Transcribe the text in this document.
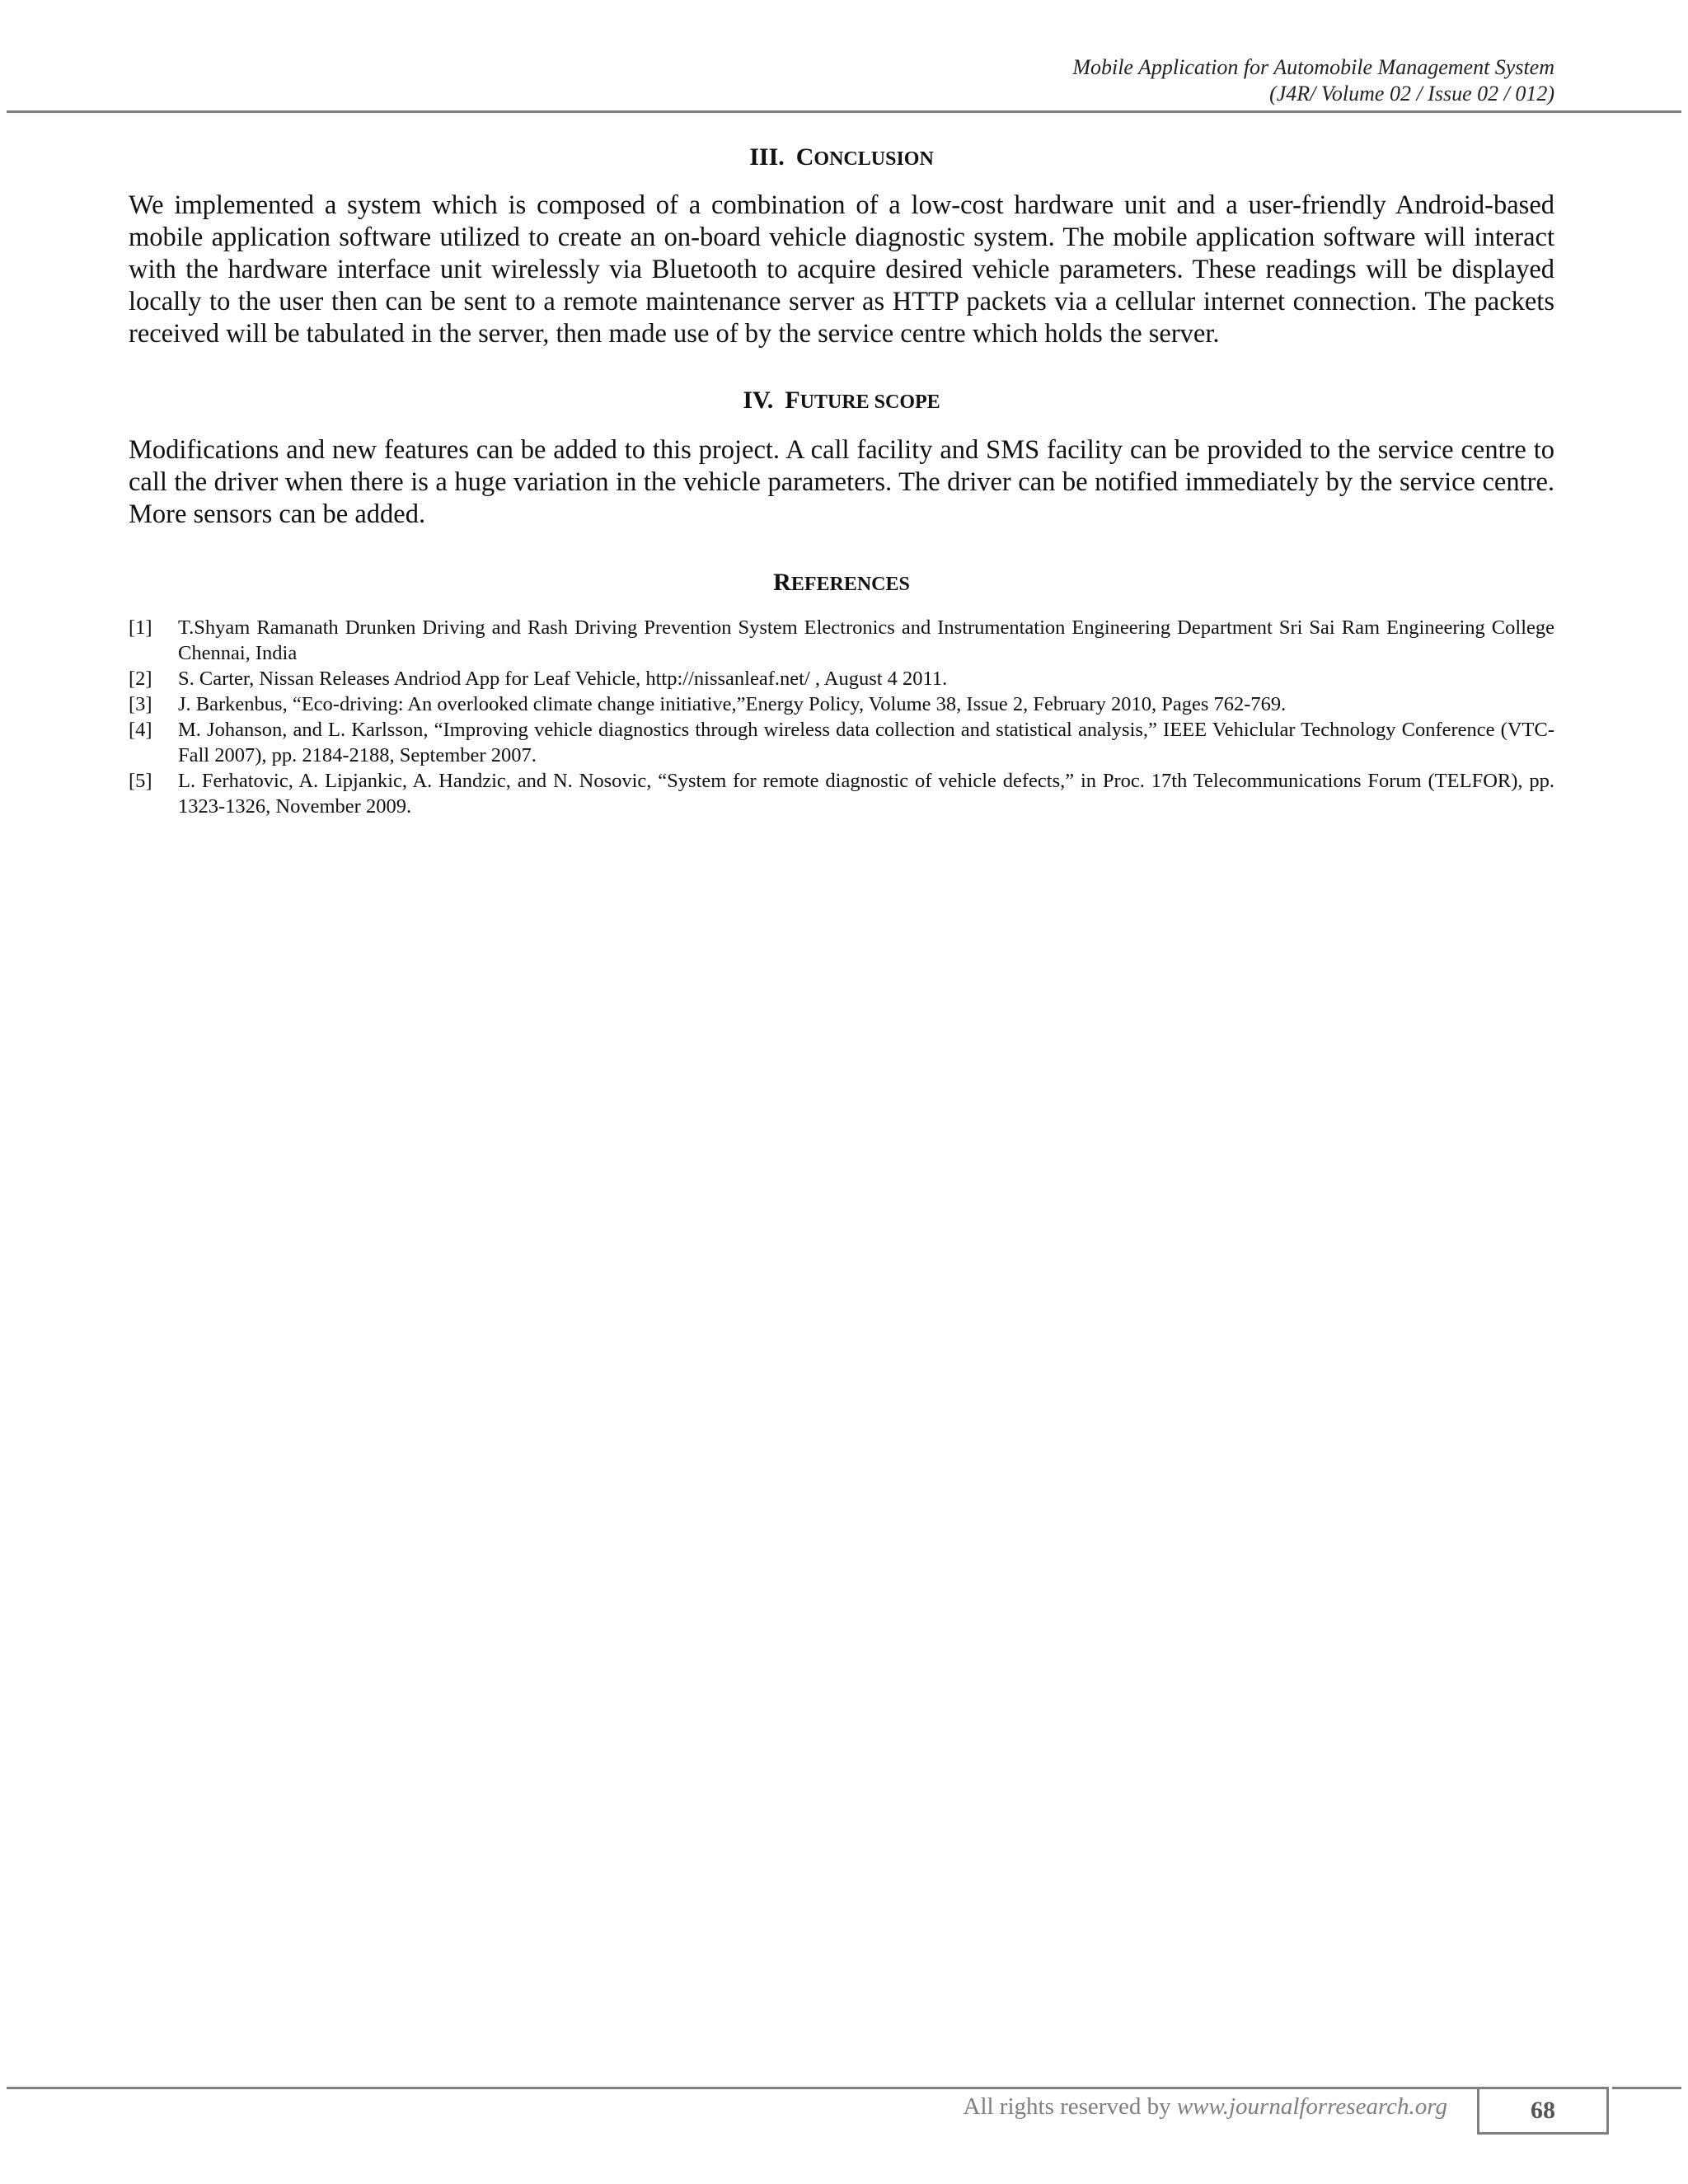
Mobile Application for Automobile Management System
(J4R/ Volume 02 / Issue 02 / 012)
III. CONCLUSION

We implemented a system which is composed of a combination of a low-cost hardware unit and a user-friendly Android-based mobile application software utilized to create an on-board vehicle diagnostic system. The mobile application software will interact with the hardware interface unit wirelessly via Bluetooth to acquire desired vehicle parameters. These readings will be displayed locally to the user then can be sent to a remote maintenance server as HTTP packets via a cellular internet connection. The packets received will be tabulated in the server, then made use of by the service centre which holds the server.

IV. FUTURE SCOPE

Modifications and new features can be added to this project. A call facility and SMS facility can be provided to the service centre to call the driver when there is a huge variation in the vehicle parameters. The driver can be notified immediately by the service centre. More sensors can be added.

REFERENCES
[1]	T.Shyam Ramanath Drunken Driving and Rash Driving Prevention System Electronics and Instrumentation Engineering Department Sri Sai Ram Engineering College Chennai, India
[2]	S. Carter, Nissan Releases Andriod App for Leaf Vehicle, http://nissanleaf.net/ , August 4 2011.
[3]	J. Barkenbus, “Eco-driving: An overlooked climate change initiative,”Energy Policy, Volume 38, Issue 2, February 2010, Pages 762-769.
[4]	M. Johanson, and L. Karlsson, “Improving vehicle diagnostics through wireless data collection and statistical analysis,” IEEE Vehiclular Technology Conference (VTC-Fall 2007), pp. 2184-2188, September 2007.
[5]	L. Ferhatovic, A. Lipjankic, A. Handzic, and N. Nosovic, “System for remote diagnostic of vehicle defects,” in Proc. 17th Telecommunications Forum (TELFOR), pp. 1323-1326, November 2009.
All rights reserved by www.journalforresearch.org	68
